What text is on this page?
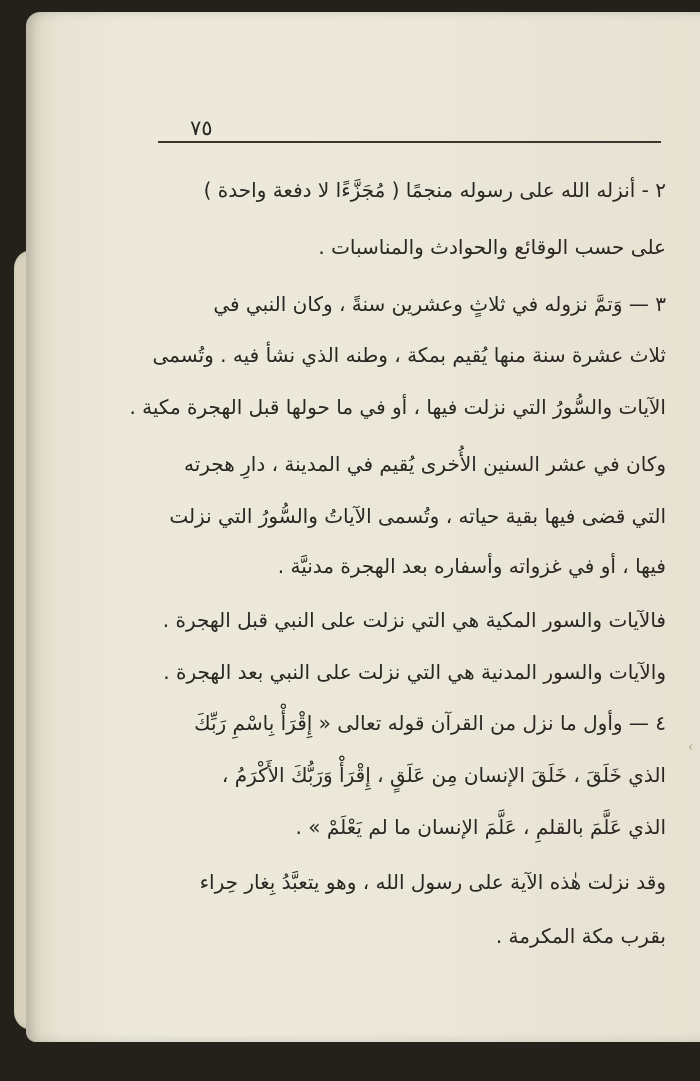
٧٥
٢ - أنزله الله على رسوله منجمًا ( مُجَزَّءًا لا دفعة واحدة )
على حسب الوقائع والحوادث والمناسبات .
٣ — وَتمَّ نزوله في ثلاثٍ وعشرين سنةً ، وكان النبي في
ثلاث عشرة سنة منها يُقيم بمكة ، وطنه الذي نشأ فيه . وتُسمى
الآيات والسُّورُ التي نزلت فيها ، أو في ما حولها قبل الهجرة مكية .
وكان في عشر السنين الأُخرى يُقيم في المدينة ، دارِ هجرته
التي قضى فيها بقية حياته ، وتُسمى الآياتُ والسُّورُ التي نزلت
فيها ، أو في غزواته وأسفاره بعد الهجرة مدنيَّة .
فالآيات والسور المكية هي التي نزلت على النبي قبل الهجرة .
والآيات والسور المدنية هي التي نزلت على النبي بعد الهجرة .
٤ — وأول ما نزل من القرآن قوله تعالى « إِقْرَأْ بِاسْمِ رَبِّكَ
الذي خَلَقَ ، خَلَقَ الإنسان مِن عَلَقٍ ، إِقْرَأْ وَرَبُّكَ الأَكْرَمُ ،
الذي عَلَّمَ بالقلمِ ، عَلَّمَ الإنسان ما لم يَعْلَمْ » .
وقد نزلت هٰذه الآية على رسول الله ، وهو يتعبَّدُ بِغار حِراء
بقرب مكة المكرمة .
‹
